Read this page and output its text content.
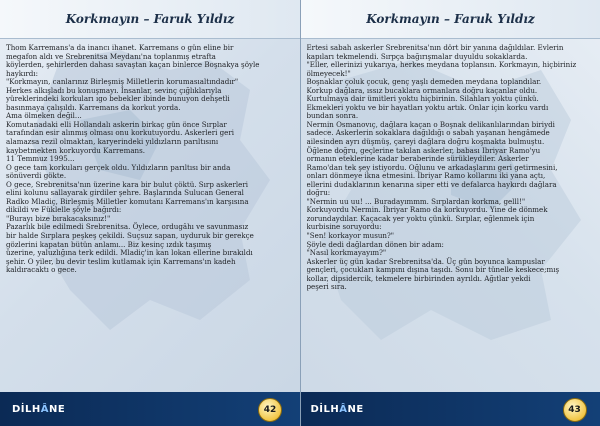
Korkmayın – Faruk Yıldız

Thom Karremans'a da inancı ihanet. Karremans o gün eline bir

megafon aldı ve Srebrenitsa Meydanı'na toplanmış etrafta

köylerden, şehirlerden dahası savaştan kaçan binlerce Boşnakya şöyle

haykırdı:

"Korkmayın, canlarınız Birleşmiş Milletlerin korumasıaltındadır"

Herkes alkışladı bu konuşmayı. İnsanlar, sevinç çığlıklarıyla

yüreklerindeki korkuları ıgo bebekler ibinde bunuyon dehşetli

basınmaya çalışıldı. Karremans da korkut yorda.

Ama ölmeken değil...

Komutanadaki elli Hollandalı askerin birkaç gün önce Sırplar

tarafından esir alınmış olması onu korkutuyordu. Askerleri geri

alamazsa rezil olmaktan, karyerindeki yıldızların parıltısını

kaybetmekten korkuyordu Karremans.

11 Temmuz 1995...

O gece tam korkuları gerçek oldu. Yıldızların parıltısı bir anda

sönüverdi gökte.

O gece, Srebrenitsa'nın üzerine kara bir bulut çöktü. Sırp askerleri

elini kolunu sallayarak girdiler şehre. Başlarında Sulucan General

Radko Mladiç, Birleşmiş Milletler komutanı Karremans'ın karşısına

dikildi ve Füklelle şöyle bağırdı:

"Burayı bize bırakacaksınız!"

Pazarlık bile edilmedi Srebrenitsa. Öylece, ordugâhı ve savunmasız

bir halde Sırplara peşkeş çekildi. Suçsuz sapan, uyduruk bir gerekçe

gözlerini kapatan bütün anlamı... Biz kesinç ızdık taşımış

üzerine, yaluzlığına terk edildi. Mladiç'in kan lokan ellerine bırakıldı

şehir. O yiler, bu devir teslim kutlamak için Karremans'ın kadeh

kaldıracaktı o gece.

DİLHÂNE	42
Korkmayın – Faruk Yıldız

Ertesi sabah askerler Srebrenitsa'nın dört bir yanına dağıldılar. Evlerin

kapıları tekmelendi. Sırpça bağırışmalar duyuldu sokaklarda.

"Eller, ellerinizi yukarıya, herkes meydana toplansın. Korkmayın, hiçbiriniz

ölmeyecek!"

Boşnaklar çoluk çocuk, genç yaşlı demeden meydana toplandılar.

Korkup dağlara, ıssız bucaklara ormanlara doğru kaçanlar oldu.

Kurtulmaya dair ümitleri yoktu hiçbirinin. Silahları yoktu çünkü.

Ekmekleri yoktu ve bir hayatları yoktu artık. Onlar için korku vardı

bundan sonra.

Nermin Osmanovıç, dağlara kaçan o Boşnak delikanlılarından biriydi

sadece. Askerlerin sokaklara dağıldığı o sabah yaşanan hengâmede

ailesinden ayrı düşmüş, çareyi dağlara doğru koşmakta bulmuştu.

Öğlene doğru, geçlerine takılan askerler, babası Ibriyar Ramo'yu

ormanın eteklerine kadar beraberinde sürükleydiler. Askerler

Ramo'dan tek şey istiyordu. Oğlunu ve arkadaşlarını geri getirmesini,

onları dönmeye ikna etmesini. İbriyar Ramo kollarını iki yana açtı,

ellerini dudaklarının kenarına siper etti ve defalarca haykırdı dağlara

doğru:

"Nermin uu uu! ... Buradayımmm. Sırplardan korkma, gelll!"

Korkuyordu Nermin. İbriyar Ramo da korkuyordu. Yine de dönmek

zorundaydılar. Kaçacak yer yoktu çünkü. Sırplar, eğlenmek için

kurbisine soruyordu:

"Sen! korkayor musun?"

Şöyle dedi dağlardan dönen bir adam:

"Nasıl korkmayayım?"

Askerler üç gün kadar Srebrenitsa'da. Üç gün boyunca kampuslar

gençleri, çocukları kampını dışına taşıdı. Sonu bir tünelle keskece;mış

kollar, dipsidercik, tekmelere birbirinden ayrıldı. Ağıtlar yekdi

peşeri sıra.

DİLHÂNE	43
